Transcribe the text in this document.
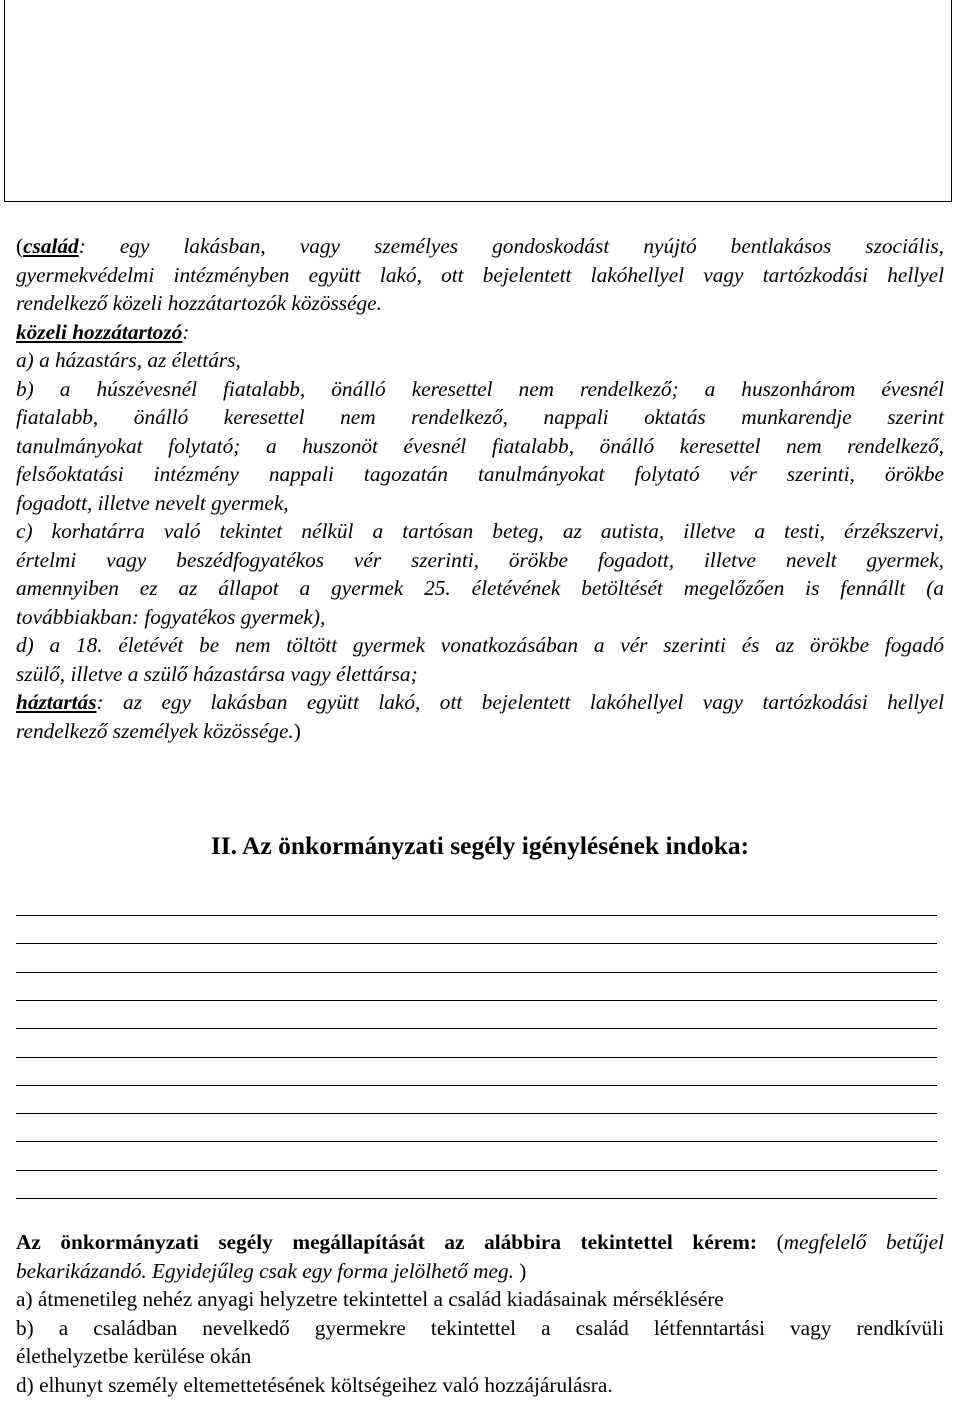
(család: egy lakásban, vagy személyes gondoskodást nyújtó bentlakásos szociális,
gyermekvédelmi intézményben együtt lakó, ott bejelentett lakóhellyel vagy tartózkodási hellyel
rendelkező közeli hozzátartozók közössége.
közeli hozzátartozó:
a) a házastárs, az élettárs,
b) a húszévesnél fiatalabb, önálló keresettel nem rendelkező; a huszonhárom évesnél
fiatalabb, önálló keresettel nem rendelkező, nappali oktatás munkarendje szerint
tanulmányokat folytató; a huszonöt évesnél fiatalabb, önálló keresettel nem rendelkező,
felsőoktatási intézmény nappali tagozatán tanulmányokat folytató vér szerinti, örökbe
fogadott, illetve nevelt gyermek,
c) korhatárra való tekintet nélkül a tartósan beteg, az autista, illetve a testi, érzékszervi,
értelmi vagy beszédfogyatékos vér szerinti, örökbe fogadott, illetve nevelt gyermek,
amennyiben ez az állapot a gyermek 25. életévének betöltését megelőzően is fennállt (a
továbbiakban: fogyatékos gyermek),
d) a 18. életévét be nem töltött gyermek vonatkozásában a vér szerinti és az örökbe fogadó
szülő, illetve a szülő házastársa vagy élettársa;
háztartás: az egy lakásban együtt lakó, ott bejelentett lakóhellyel vagy tartózkodási hellyel
rendelkező személyek közössége.)
II. Az önkormányzati segély igénylésének indoka:
Az önkormányzati segély megállapítását az alábbira tekintettel kérem: (megfelelő betűjel
bekarikázandó. Egyidejűleg csak egy forma jelölhető meg. )
a) átmenetileg nehéz anyagi helyzetre tekintettel a család kiadásainak mérséklésére
b) a családban nevelkedő gyermekre tekintettel a család létfenntartási vagy rendkívüli
élethelyzetbe kerülése okán
d) elhunyt személy eltemettetésének költségeihez való hozzájárulásra.
